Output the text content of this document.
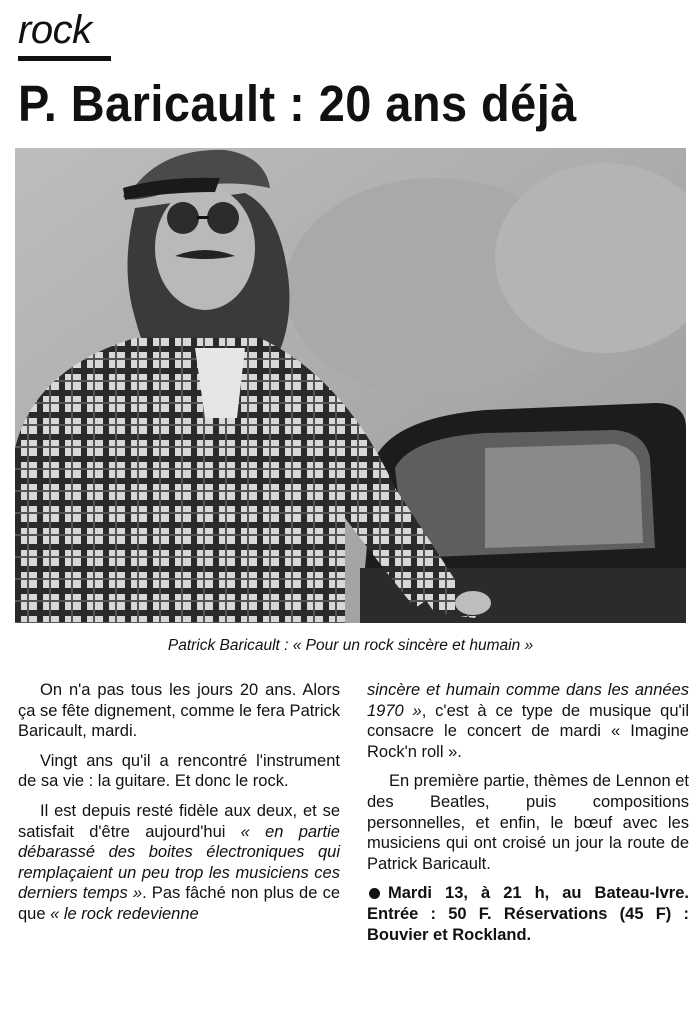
rock
P. Baricault : 20 ans déjà
Patrick Baricault : « Pour un rock sincère et humain »

On n'a pas tous les jours 20 ans. Alors ça se fête dignement, comme le fera Patrick Baricault, mardi.

Vingt ans qu'il a rencontré l'instrument de sa vie : la guitare. Et donc le rock.

Il est depuis resté fidèle aux deux, et se satisfait d'être aujourd'hui « en partie débarassé des boites électroniques qui remplaçaient un peu trop les musiciens ces derniers temps ». Pas fâché non plus de ce que « le rock redevienne

sincère et humain comme dans les années 1970 », c'est à ce type de musique qu'il consacre le concert de mardi « Imagine Rock'n roll ».

En première partie, thèmes de Lennon et des Beatles, puis compositions personnelles, et enfin, le bœuf avec les musiciens qui ont croisé un jour la route de Patrick Baricault.

Mardi 13, à 21 h, au Bateau-Ivre. Entrée : 50 F. Réservations (45 F) : Bouvier et Rockland.
